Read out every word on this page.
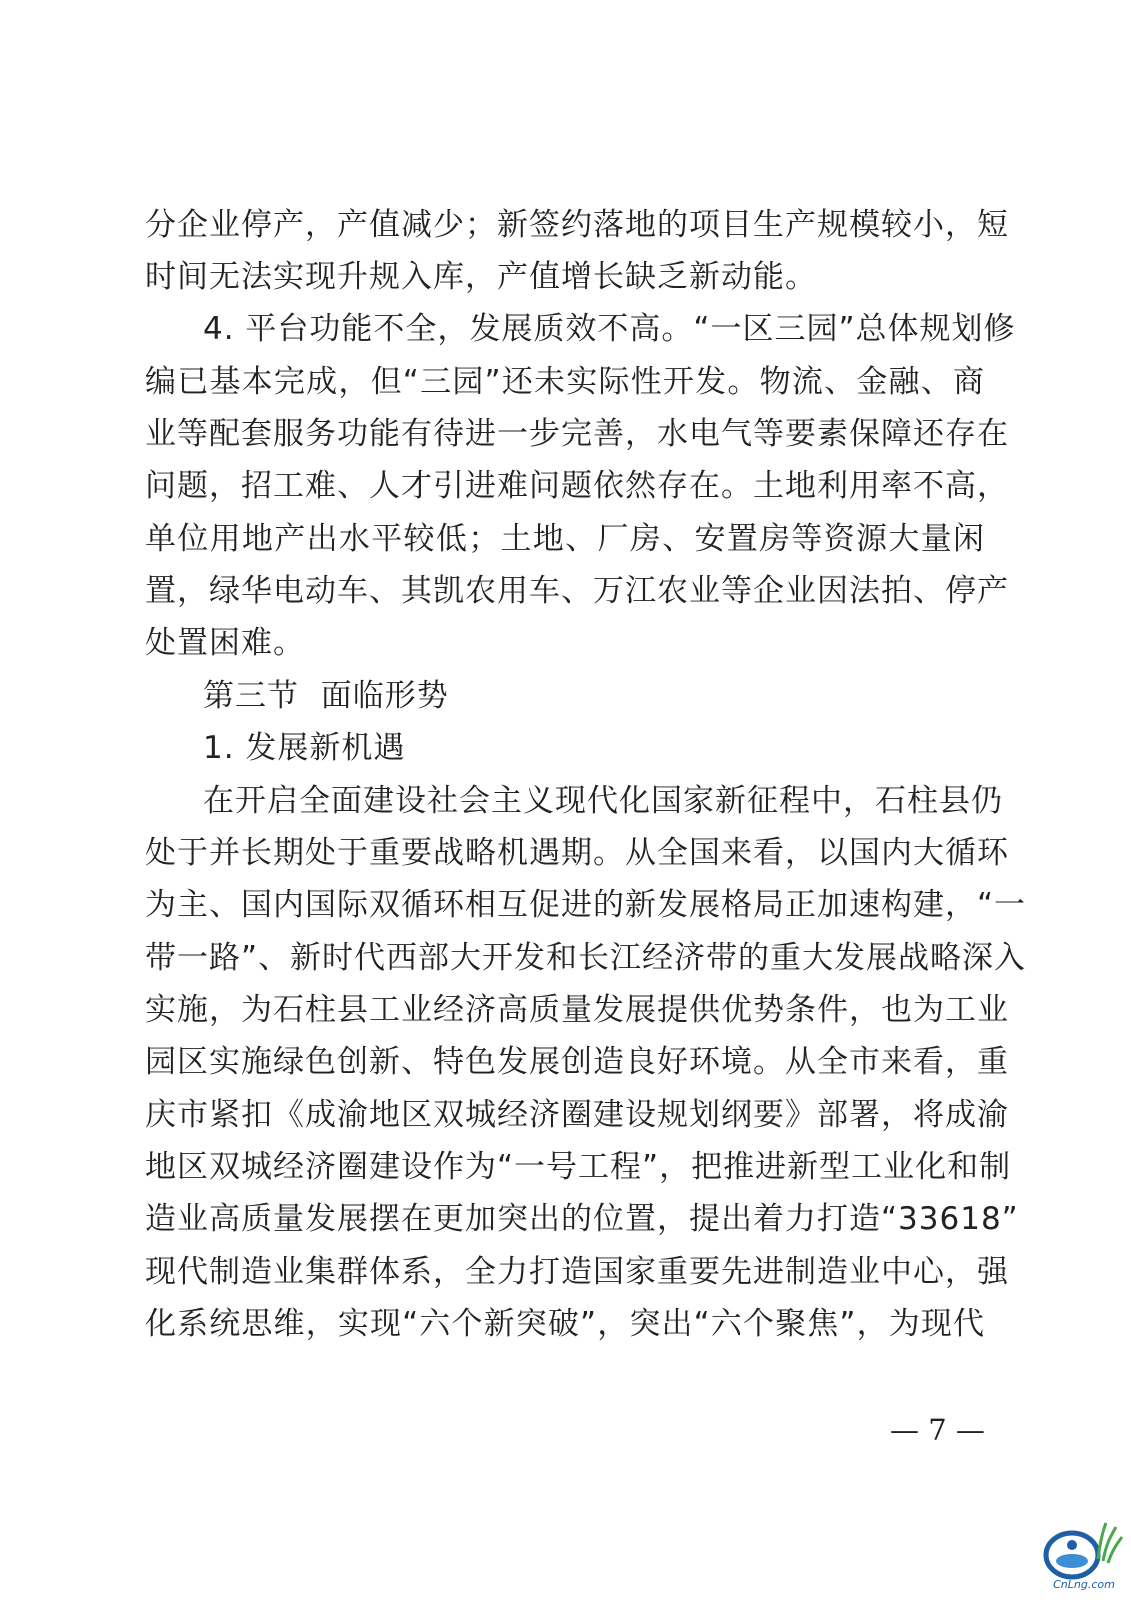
分企业停产，产值减少；新签约落地的项目生产规模较小，短
时间无法实现升规入库，产值增长缺乏新动能。
4. 平台功能不全，发展质效不高。“一区三园”总体规划修
编已基本完成，但“三园”还未实际性开发。物流、金融、商
业等配套服务功能有待进一步完善，水电气等要素保障还存在
问题，招工难、人才引进难问题依然存在。土地利用率不高，
单位用地产出水平较低；土地、厂房、安置房等资源大量闲
置，绿华电动车、其凯农用车、万江农业等企业因法拍、停产
处置困难。
第三节  面临形势
1. 发展新机遇
在开启全面建设社会主义现代化国家新征程中，石柱县仍
处于并长期处于重要战略机遇期。从全国来看，以国内大循环
为主、国内国际双循环相互促进的新发展格局正加速构建，“一
带一路”、新时代西部大开发和长江经济带的重大发展战略深入
实施，为石柱县工业经济高质量发展提供优势条件，也为工业
园区实施绿色创新、特色发展创造良好环境。从全市来看，重
庆市紧扣《成渝地区双城经济圈建设规划纲要》部署，将成渝
地区双城经济圈建设作为“一号工程”，把推进新型工业化和制
造业高质量发展摆在更加突出的位置，提出着力打造“33618”
现代制造业集群体系，全力打造国家重要先进制造业中心，强
化系统思维，实现“六个新突破”，突出“六个聚焦”，为现代
— 7 —
CnLng.com
